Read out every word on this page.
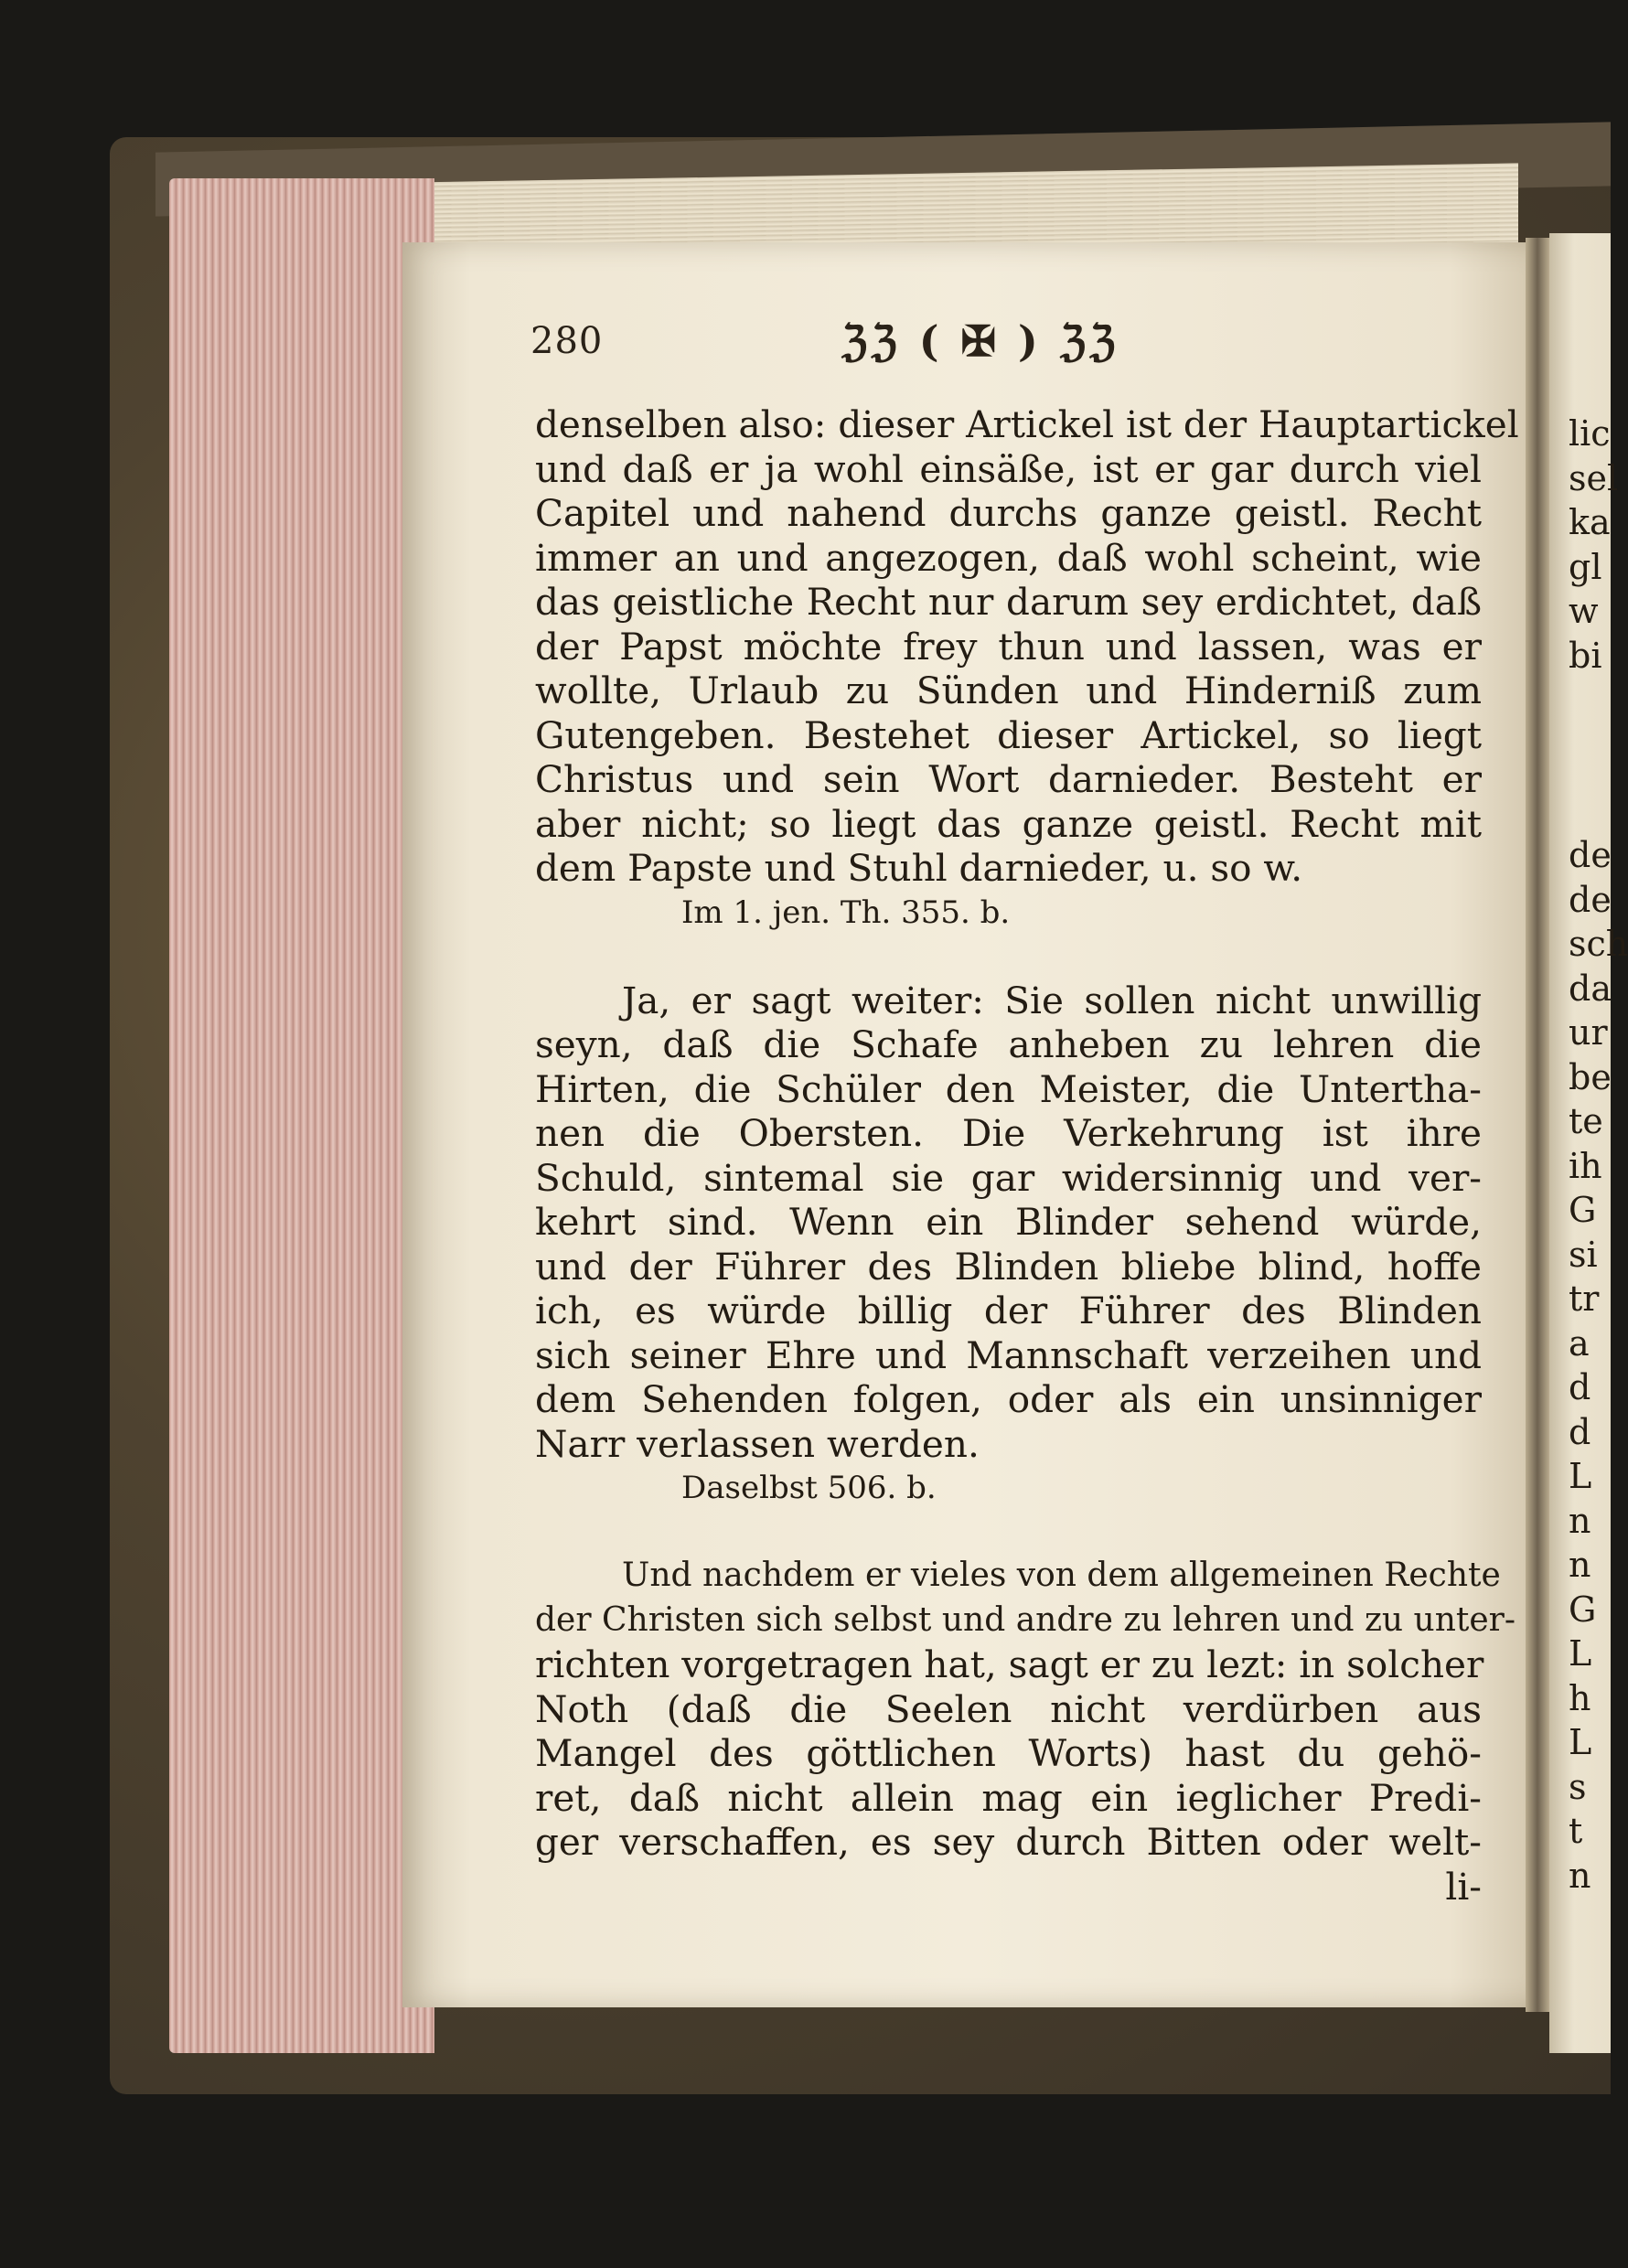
280	ℨℨ ( ✠ ) ℨℨ
denselben also: dieser Artickel ist der Hauptartickel
und daß er ja wohl einsäße, ist er gar durch viel
Capitel und nahend durchs ganze geistl. Recht
immer an und angezogen, daß wohl scheint, wie
das geistliche Recht nur darum sey erdichtet, daß
der Papst möchte frey thun und lassen, was er
wollte, Urlaub zu Sünden und Hinderniß zum
Gutengeben. Bestehet dieser Artickel, so liegt
Christus und sein Wort darnieder. Besteht er
aber nicht; so liegt das ganze geistl. Recht mit
dem Papste und Stuhl darnieder, u. so w.
Im 1. jen. Th. 355. b.
Ja, er sagt weiter: Sie sollen nicht unwillig
seyn, daß die Schafe anheben zu lehren die
Hirten, die Schüler den Meister, die Untertha-
nen die Obersten. Die Verkehrung ist ihre
Schuld, sintemal sie gar widersinnig und ver-
kehrt sind. Wenn ein Blinder sehend würde,
und der Führer des Blinden bliebe blind, hoffe
ich, es würde billig der Führer des Blinden
sich seiner Ehre und Mannschaft verzeihen und
dem Sehenden folgen, oder als ein unsinniger
Narr verlassen werden.
Daselbst 506. b.
Und nachdem er vieles von dem allgemeinen Rechte
der Christen sich selbst und andre zu lehren und zu unter-
richten vorgetragen hat, sagt er zu lezt: in solcher
Noth (daß die Seelen nicht verdürben aus
Mangel des göttlichen Worts) hast du gehö-
ret, daß nicht allein mag ein ieglicher Predi-
ger verschaffen, es sey durch Bitten oder welt-
li-
lic
sel
ka
gl
w
bi
de
de
sch
da
ur
be
te
ih
G
si
tr
a
d
d
L
n
n
G
L
h
L
s
t
n
